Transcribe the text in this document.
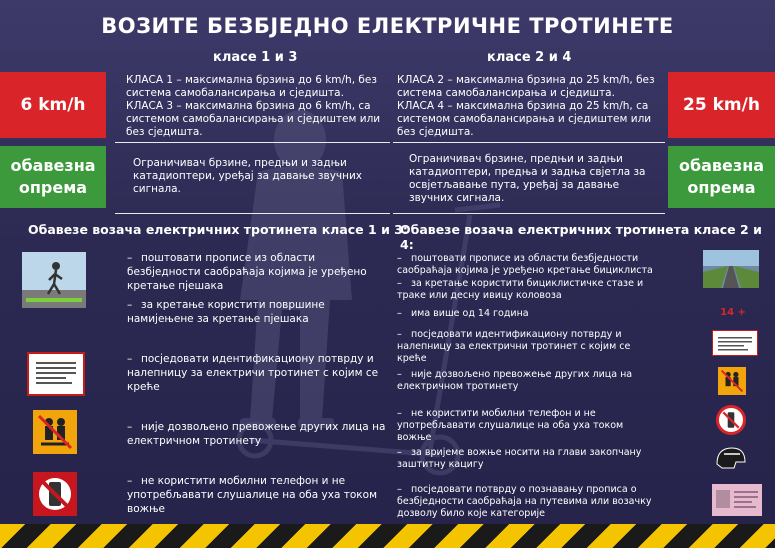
ВОЗИТЕ БЕЗБЈЕДНО ЕЛЕКТРИЧНЕ ТРОТИНЕТЕ
класе 1 и 3	класе 2 и 4
6 km/h
обавезна
опрема
25 km/h
обавезна
опрема

КЛАСА 1 – максимална брзина до 6 km/h, без система самобалансирања и сједишта.

КЛАСА 3 – максимална брзина до 6 km/h, са системом самобалансирања и сједиштем или без сједишта.

КЛАСА 2 – максимална брзина до 25 km/h, без система самобалансирања и сједишта.

КЛАСА 4 – максимална брзина до 25 km/h, са системом самобалансирања и сједиштем или без сједишта.

Ограничивач брзине, предњи и задњи катадиоптери, уређај за давање звучних сигнала.
Ограничивач брзине, предњи и задњи катадиоптери, предња и задња свјетла за освјетљавање пута, уређај за давање звучних сигнала.
Обавезе возача електричних тротинета класе 1 и 3:
Обавезе возача електричних тротинета класе 2 и 4:
– поштовати прописе из области безбједности саобраћаја којима је уређено кретање пјешака
– за кретање користити површине намијењене за кретање пјешака
– посједовати идентификациону потврду и налепницу за електричи тротинет с којим се креће
– није дозвољено превожење других лица на електричном тротинету
– не користити мобилни телефон и не употребљавати слушалице на оба уха током вожње
– поштовати прописе из области безбједности саобраћаја којима је уређено кретање бициклиста
– за кретање користити бициклистичке стазе и траке или десну ивицу коловоза
– има више од 14 година
– посједовати идентификациону потврду и налепницу за електрични тротинет с којим се креће
– није дозвољено превожење других лица на електричном тротинету
– не користити мобилни телефон и не употребљавати слушалице на оба уха током вожње
– за вријеме вожње носити на глави закопчану заштитну кацигу
– посједовати потврду о познавању прописа о безбједности саобраћаја на путевима или возачку дозволу било које категорије
14 +
